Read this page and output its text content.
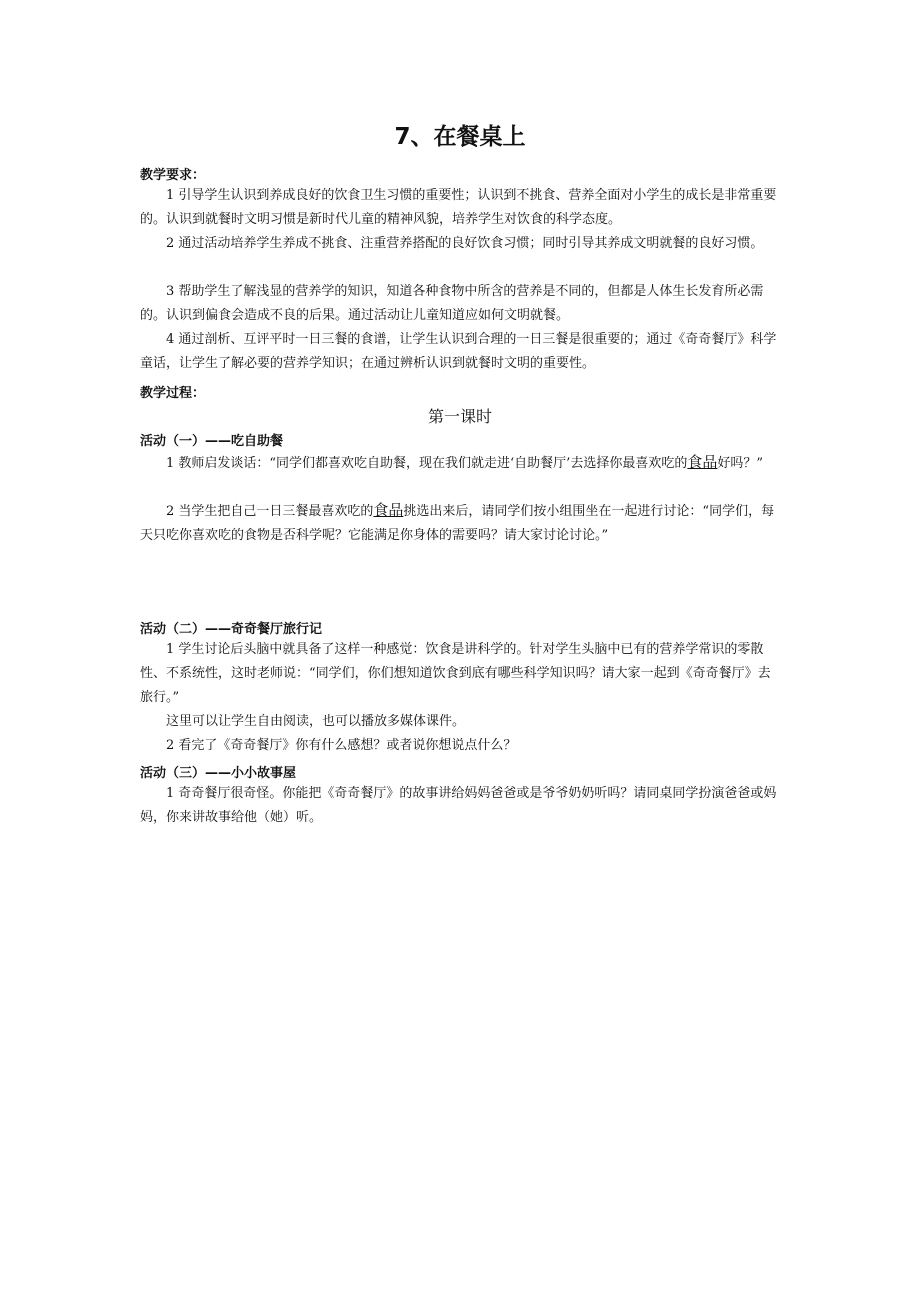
7、在餐桌上

教学要求：

1 引导学生认识到养成良好的饮食卫生习惯的重要性；认识到不挑食、营养全面对小学生的成长是非常重要的。认识到就餐时文明习惯是新时代儿童的精神风貌，培养学生对饮食的科学态度。

2 通过活动培养学生养成不挑食、注重营养搭配的良好饮食习惯；同时引导其养成文明就餐的良好习惯。

3 帮助学生了解浅显的营养学的知识，知道各种食物中所含的营养是不同的，但都是人体生长发育所必需的。认识到偏食会造成不良的后果。通过活动让儿童知道应如何文明就餐。

4 通过剖析、互评平时一日三餐的食谱，让学生认识到合理的一日三餐是很重要的；通过《奇奇餐厅》科学童话，让学生了解必要的营养学知识；在通过辨析认识到就餐时文明的重要性。

教学过程：

第一课时

活动（一）——吃自助餐

1 教师启发谈话：“同学们都喜欢吃自助餐，现在我们就走进‘自助餐厅’去选择你最喜欢吃的食品好吗？”

2 当学生把自己一日三餐最喜欢吃的食品挑选出来后，请同学们按小组围坐在一起进行讨论：“同学们，每天只吃你喜欢吃的食物是否科学呢？它能满足你身体的需要吗？请大家讨论讨论。”

活动（二）——奇奇餐厅旅行记

1 学生讨论后头脑中就具备了这样一种感觉：饮食是讲科学的。针对学生头脑中已有的营养学常识的零散性、不系统性，这时老师说：“同学们，你们想知道饮食到底有哪些科学知识吗？请大家一起到《奇奇餐厅》去旅行。”

这里可以让学生自由阅读，也可以播放多媒体课件。

2 看完了《奇奇餐厅》你有什么感想？或者说你想说点什么？

活动（三）——小小故事屋

1 奇奇餐厅很奇怪。你能把《奇奇餐厅》的故事讲给妈妈爸爸或是爷爷奶奶听吗？请同桌同学扮演爸爸或妈妈，你来讲故事给他（她）听。
